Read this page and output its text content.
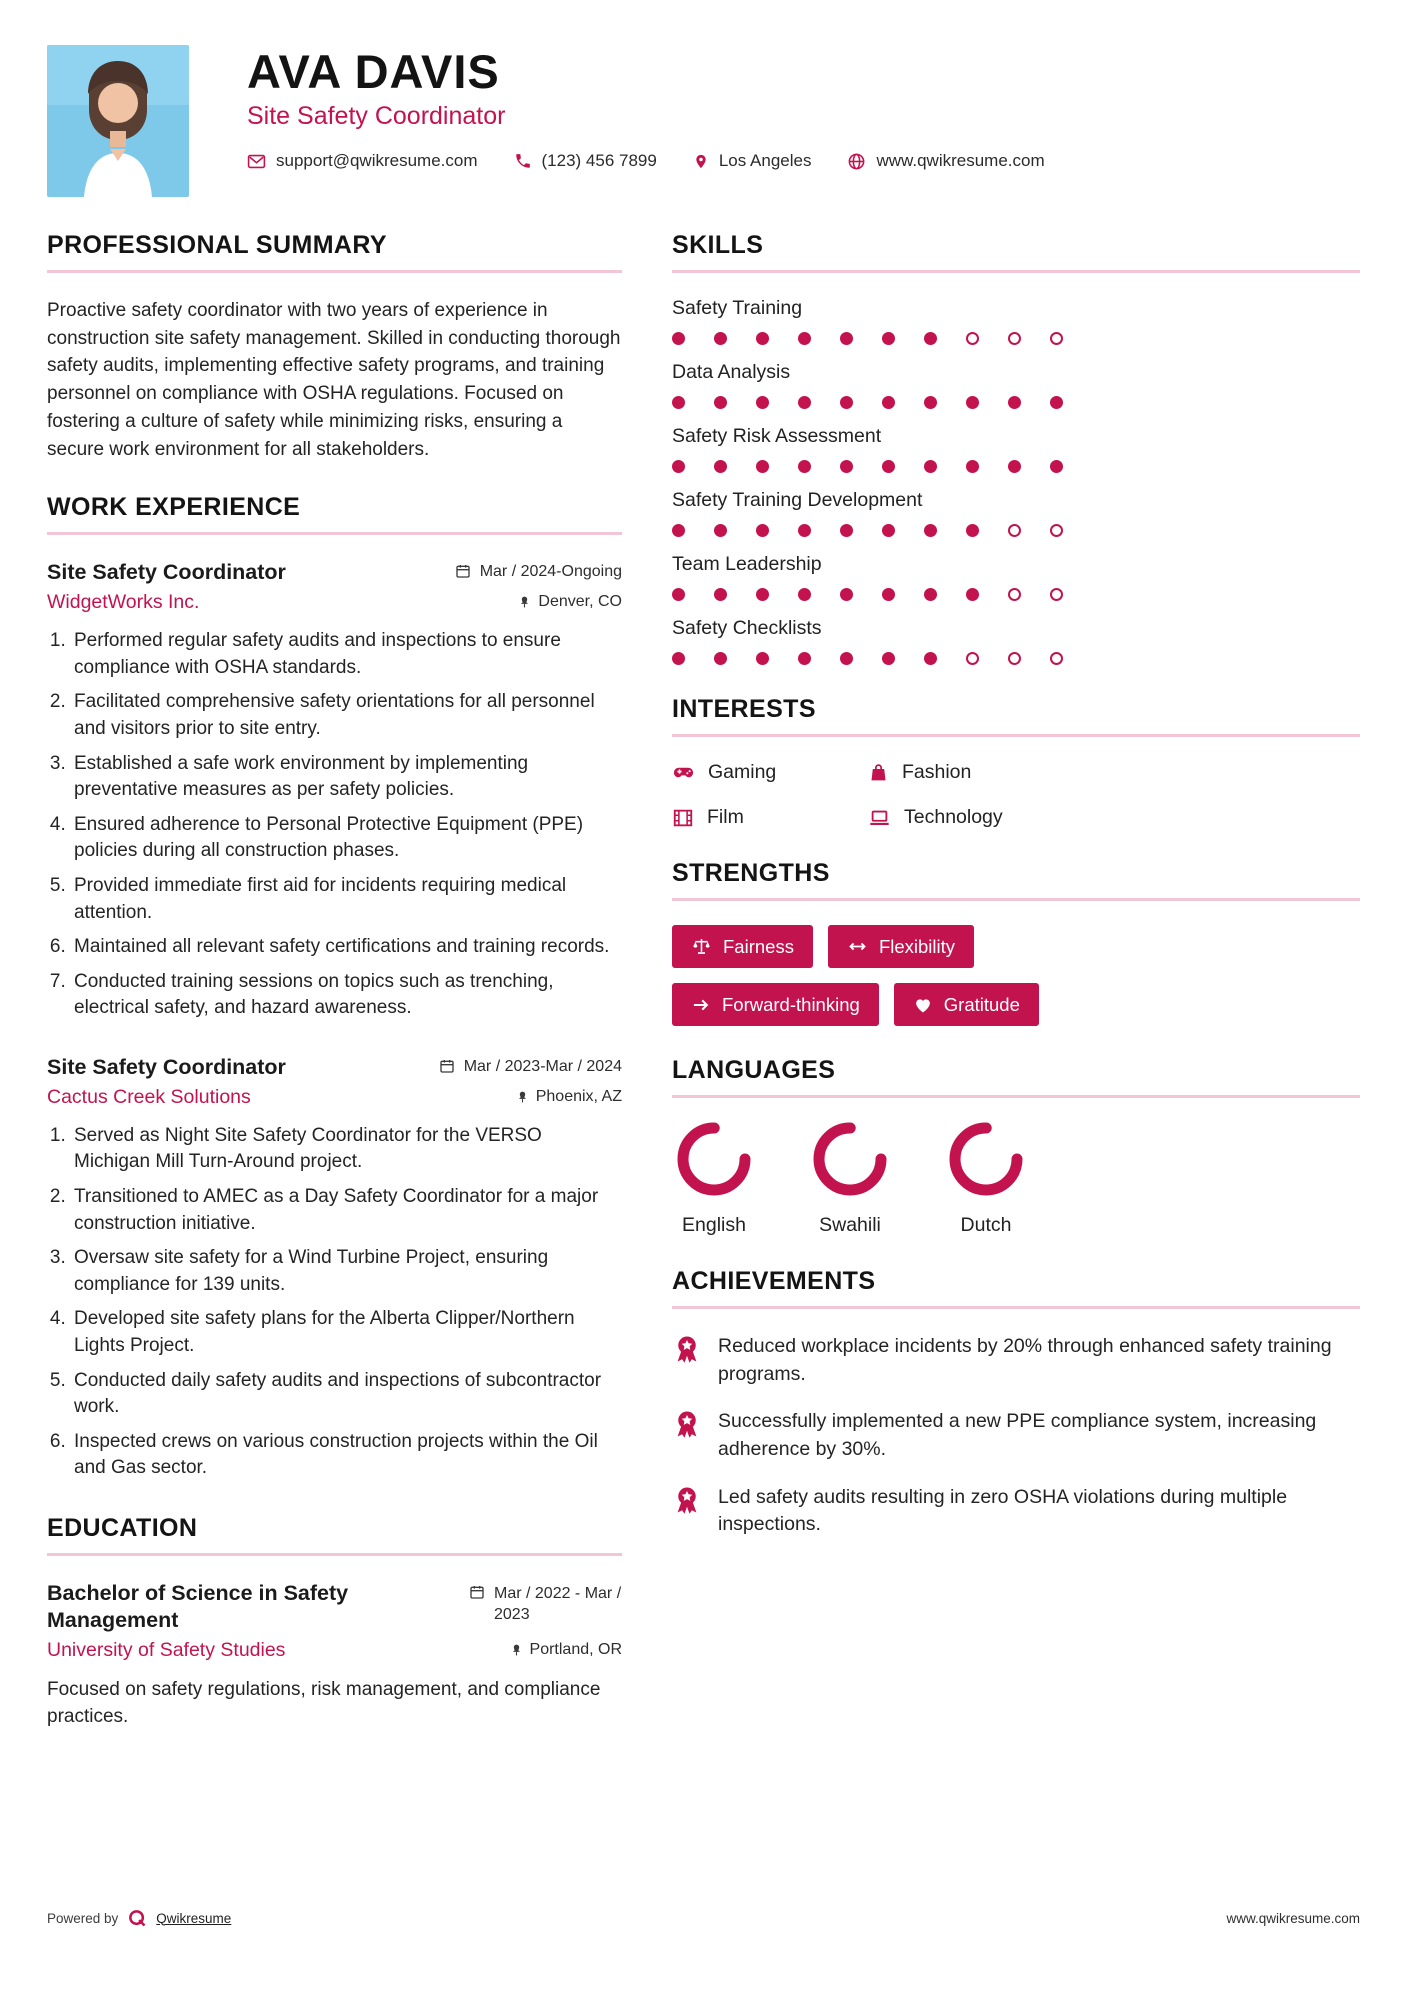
AVA DAVIS
Site Safety Coordinator
support@qwikresume.com	(123) 456 7899	Los Angeles	www.qwikresume.com
PROFESSIONAL SUMMARY

Proactive safety coordinator with two years of experience in construction site safety management. Skilled in conducting thorough safety audits, implementing effective safety programs, and training personnel on compliance with OSHA regulations. Focused on fostering a culture of safety while minimizing risks, ensuring a secure work environment for all stakeholders.

WORK EXPERIENCE
Site Safety Coordinator	Mar / 2024-Ongoing
WidgetWorks Inc.	Denver, CO
1. Performed regular safety audits and inspections to ensure compliance with OSHA standards.
2. Facilitated comprehensive safety orientations for all personnel and visitors prior to site entry.
3. Established a safe work environment by implementing preventative measures as per safety policies.
4. Ensured adherence to Personal Protective Equipment (PPE) policies during all construction phases.
5. Provided immediate first aid for incidents requiring medical attention.
6. Maintained all relevant safety certifications and training records.
7. Conducted training sessions on topics such as trenching, electrical safety, and hazard awareness.
Site Safety Coordinator	Mar / 2023-Mar / 2024
Cactus Creek Solutions	Phoenix, AZ
1. Served as Night Site Safety Coordinator for the VERSO Michigan Mill Turn-Around project.
2. Transitioned to AMEC as a Day Safety Coordinator for a major construction initiative.
3. Oversaw site safety for a Wind Turbine Project, ensuring compliance for 139 units.
4. Developed site safety plans for the Alberta Clipper/Northern Lights Project.
5. Conducted daily safety audits and inspections of subcontractor work.
6. Inspected crews on various construction projects within the Oil and Gas sector.
EDUCATION
Bachelor of Science in Safety Management
Mar / 2022 - Mar / 2023
University of Safety Studies	Portland, OR

Focused on safety regulations, risk management, and compliance practices.

SKILLS
Safety Training
Data Analysis
Safety Risk Assessment
Safety Training Development
Team Leadership
Safety Checklists
INTERESTS
Gaming	Fashion
Film	Technology
STRENGTHS
Fairness	Flexibility
Forward-thinking	Gratitude
LANGUAGES
English	Swahili	Dutch
ACHIEVEMENTS

Reduced workplace incidents by 20% through enhanced safety training programs.

Successfully implemented a new PPE compliance system, increasing adherence by 30%.

Led safety audits resulting in zero OSHA violations during multiple inspections.

Powered by	Qwikresume	www.qwikresume.com
